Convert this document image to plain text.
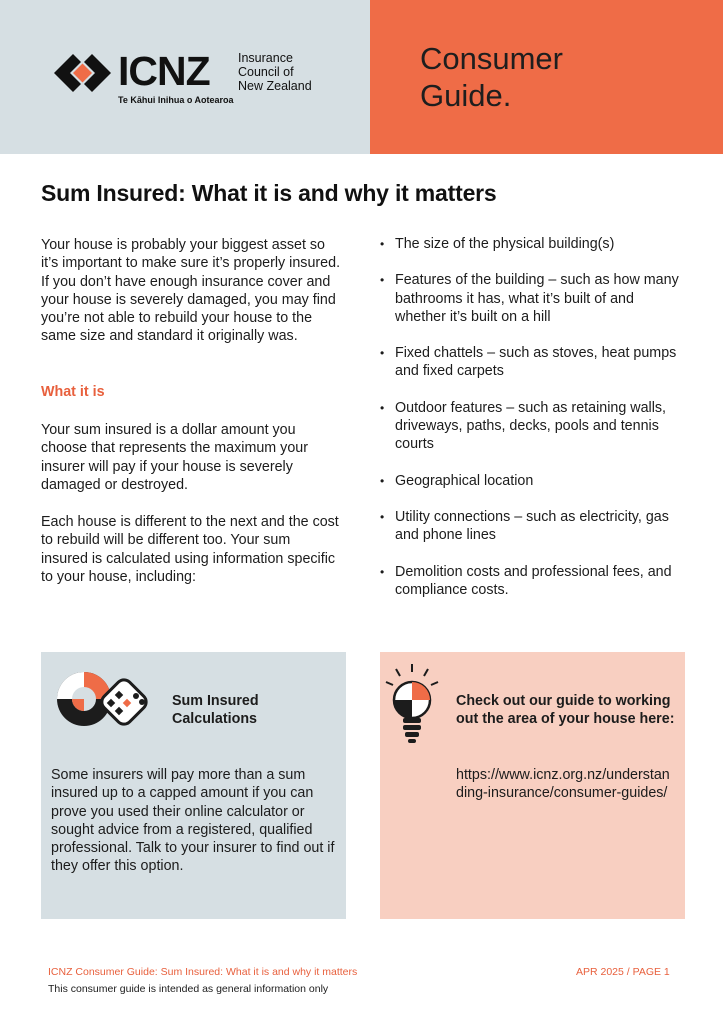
ICNZ Insurance
Council of
New Zealand
Te Kāhui Inihua o Aotearoa
Consumer
Guide.
Sum Insured: What it is and why it matters
Your house is probably your biggest asset so it’s important to make sure it’s properly insured. If you don’t have enough insurance cover and your house is severely damaged, you may find you’re not able to rebuild your house to the same size and standard it originally was.
What it is
Your sum insured is a dollar amount you choose that represents the maximum your insurer will pay if your house is severely damaged or destroyed.
Each house is different to the next and the cost to rebuild will be different too. Your sum insured is calculated using information specific to your house, including:
• The size of the physical building(s)
• Features of the building – such as how many bathrooms it has, what it’s built of and whether it’s built on a hill
• Fixed chattels – such as stoves, heat pumps and fixed carpets
• Outdoor features – such as retaining walls, driveways, paths, decks, pools and tennis courts
• Geographical location
• Utility connections – such as electricity, gas and phone lines
• Demolition costs and professional fees, and compliance costs.
Sum Insured
Calculations
Some insurers will pay more than a sum insured up to a capped amount if you can prove you used their online calculator or sought advice from a registered, qualified professional. Talk to your insurer to find out if they offer this option.
Check out our guide to working out the area of your house here:
https://www.icnz.org.nz/understanding-insurance/consumer-guides/
ICNZ Consumer Guide: Sum Insured: What it is and why it matters	APR 2025 / PAGE 1
This consumer guide is intended as general information only
